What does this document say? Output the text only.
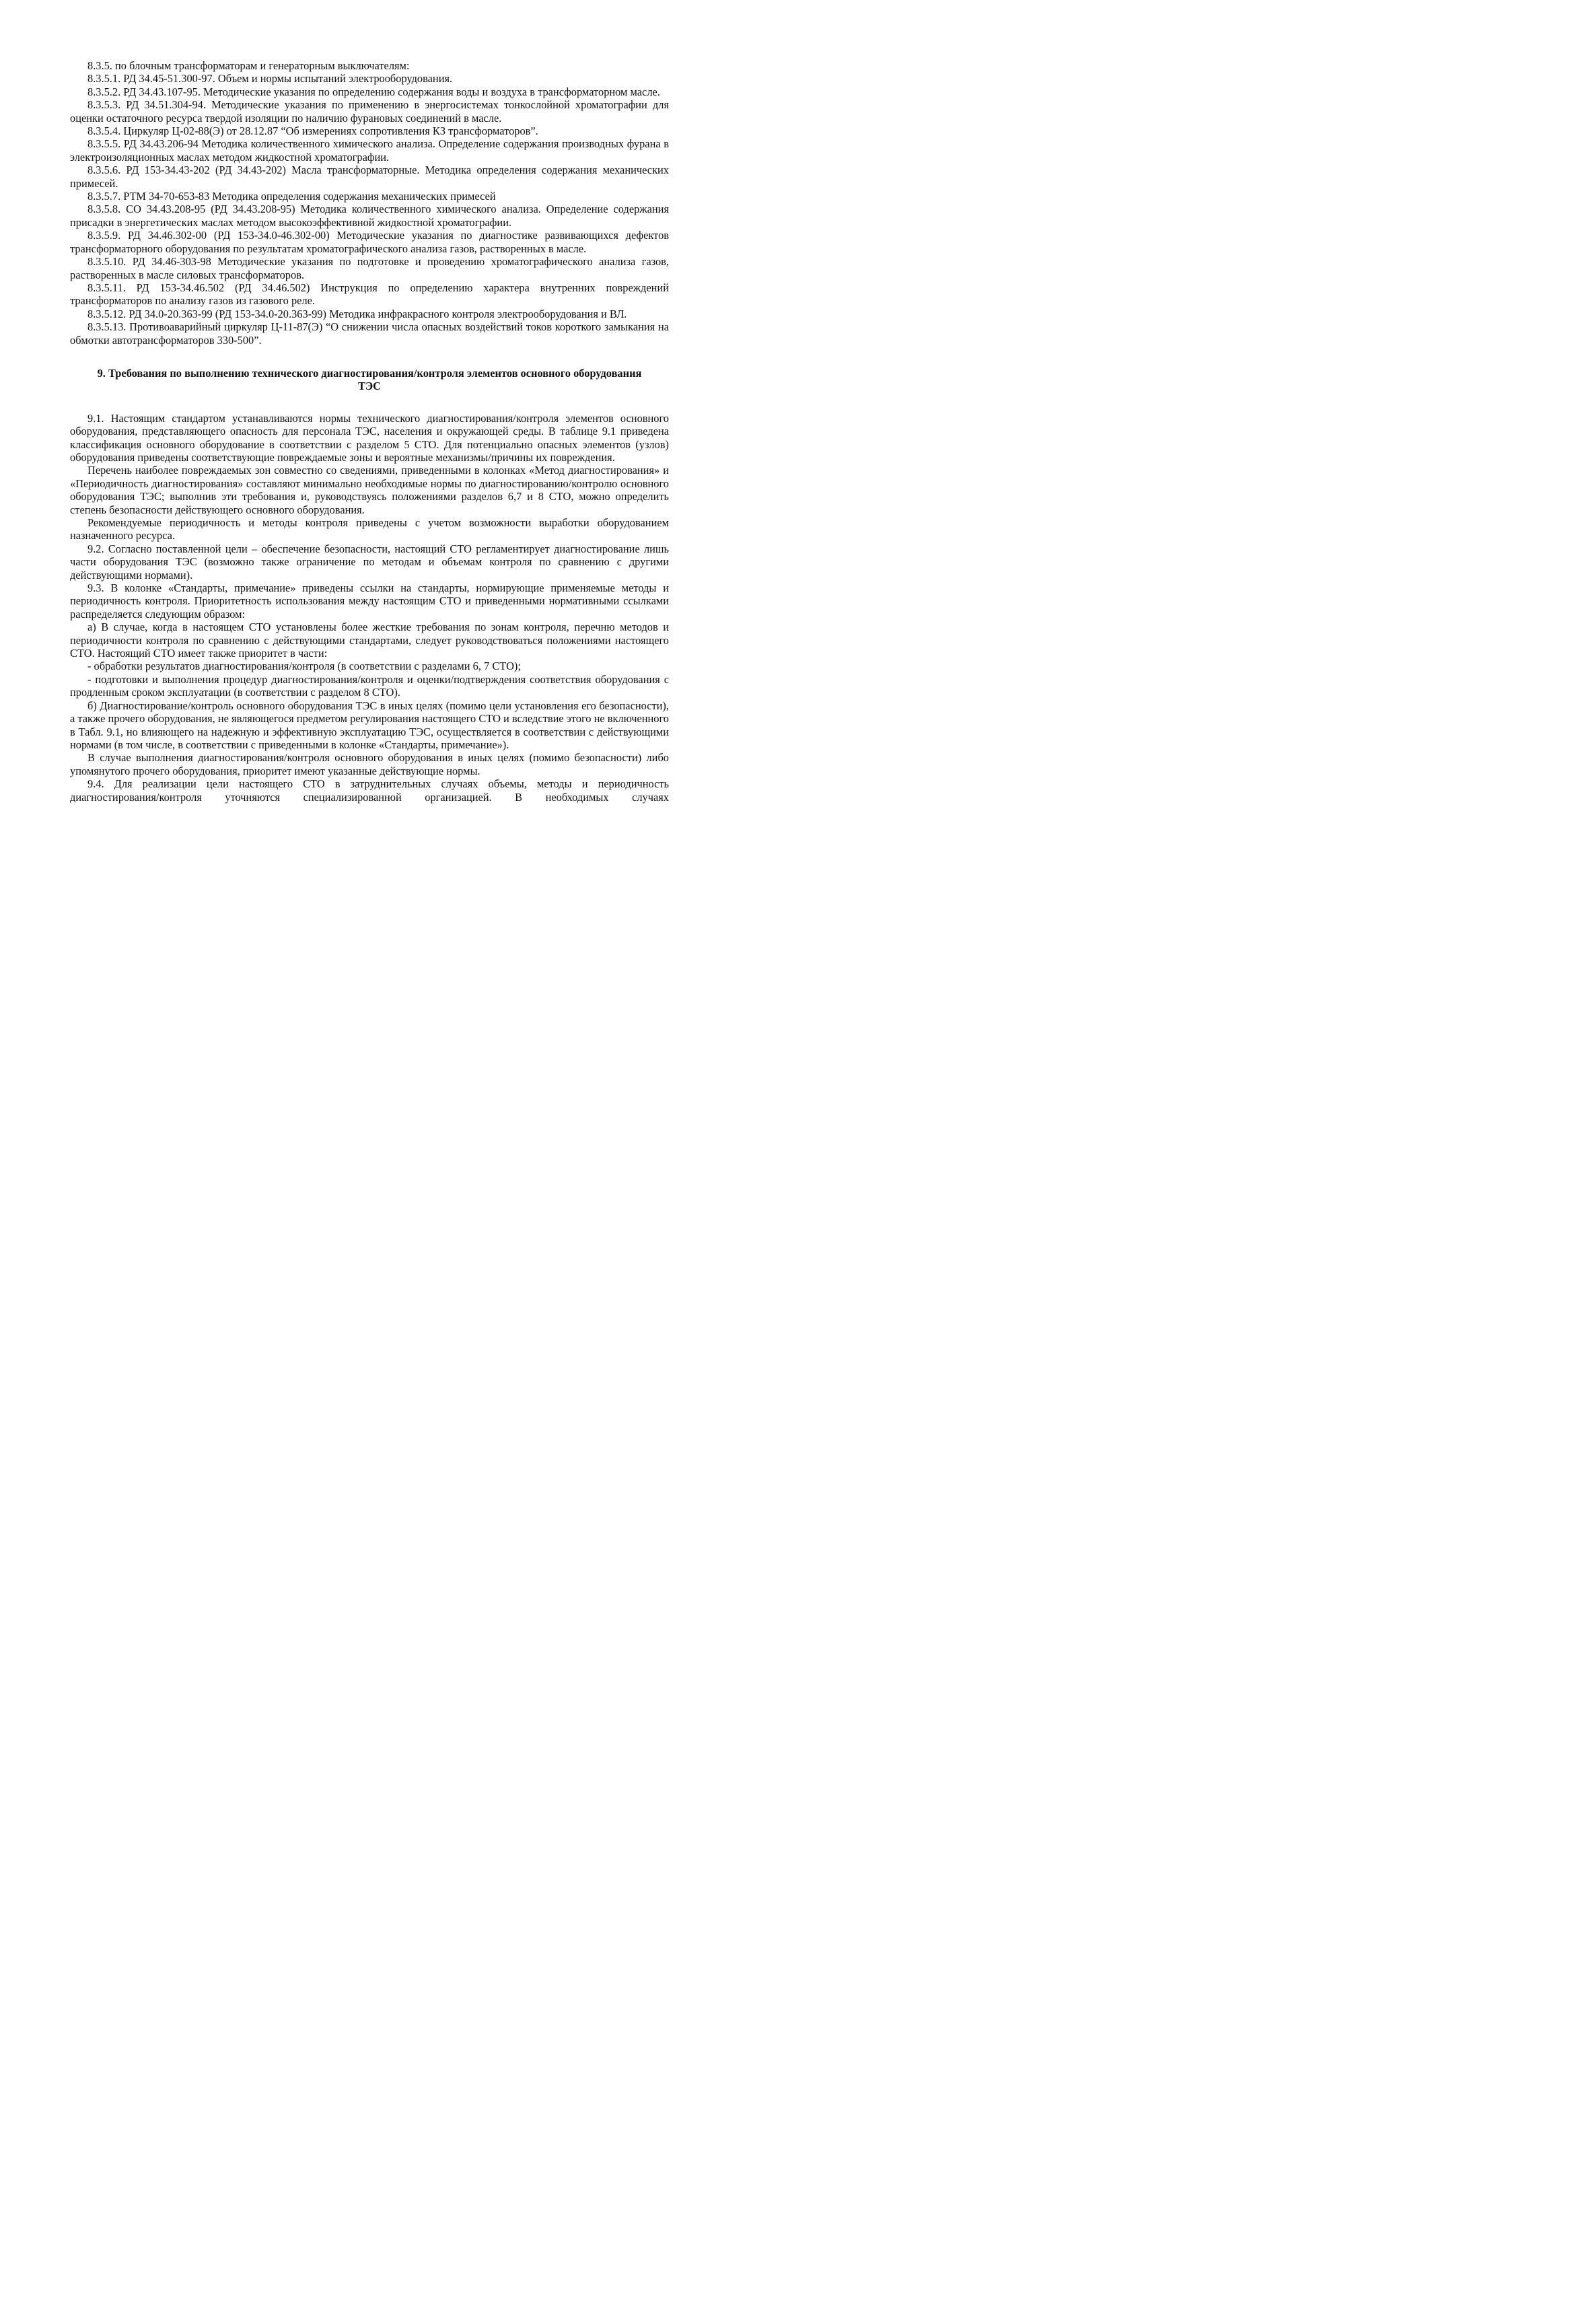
8.3.5. по блочным трансформаторам и генераторным выключателям:

8.3.5.1. РД 34.45-51.300-97. Объем и нормы испытаний электрооборудования.

8.3.5.2. РД 34.43.107-95. Методические указания по определению содержания воды и воздуха в трансформаторном масле.

8.3.5.3. РД 34.51.304-94. Методические указания по применению в энергосистемах тонкослойной хроматографии для оценки остаточного ресурса твердой изоляции по наличию фурановых соединений в масле.

8.3.5.4. Циркуляр Ц-02-88(Э) от 28.12.87 “Об измерениях сопротивления КЗ трансформаторов”.

8.3.5.5. РД 34.43.206-94 Методика количественного химического анализа. Определение содержания производных фурана в электроизоляционных маслах методом жидкостной хроматографии.

8.3.5.6. РД 153-34.43-202 (РД 34.43-202) Масла трансформаторные. Методика определения содержания механических примесей.

8.3.5.7. РТМ 34-70-653-83 Методика определения содержания механических примесей

8.3.5.8. СО 34.43.208-95 (РД 34.43.208-95) Методика количественного химического анализа. Определение содержания присадки в энергетических маслах методом высокоэффективной жидкостной хроматографии.

8.3.5.9. РД 34.46.302-00 (РД 153-34.0-46.302-00) Методические указания по диагностике развивающихся дефектов трансформаторного оборудования по результатам хроматографического анализа газов, растворенных в масле.

8.3.5.10. РД 34.46-303-98 Методические указания по подготовке и проведению хроматографического анализа газов, растворенных в масле силовых трансформаторов.

8.3.5.11. РД 153-34.46.502 (РД 34.46.502) Инструкция по определению характера внутренних повреждений трансформаторов по анализу газов из газового реле.

8.3.5.12. РД 34.0-20.363-99 (РД 153-34.0-20.363-99) Методика инфракрасного контроля электрооборудования и ВЛ.

8.3.5.13. Противоаварийный циркуляр Ц-11-87(Э) “О снижении числа опасных воздействий токов короткого замыкания на обмотки автотрансформаторов 330-500”.

9. Требования по выполнению технического диагностирования/контроля элементов основного оборудования ТЭС

9.1. Настоящим стандартом устанавливаются нормы технического диагностирования/контроля элементов основного оборудования, представляющего опасность для персонала ТЭС, населения и окружающей среды. В таблице 9.1 приведена классификация основного оборудование в соответствии с разделом 5 СТО. Для потенциально опасных элементов (узлов) оборудования приведены соответствующие повреждаемые зоны и вероятные механизмы/причины их повреждения.

Перечень наиболее повреждаемых зон совместно со сведениями, приведенными в колонках «Метод диагностирования» и «Периодичность диагностирования» составляют минимально необходимые нормы по диагностированию/контролю основного оборудования ТЭС; выполнив эти требования и, руководствуясь положениями разделов 6,7 и 8 СТО, можно определить степень безопасности действующего основного оборудования.

Рекомендуемые периодичность и методы контроля приведены с учетом возможности выработки оборудованием назначенного ресурса.

9.2. Согласно поставленной цели – обеспечение безопасности, настоящий СТО регламентирует диагностирование лишь части оборудования ТЭС (возможно также ограничение по методам и объемам контроля по сравнению с другими действующими нормами).

9.3. В колонке «Стандарты, примечание» приведены ссылки на стандарты, нормирующие применяемые методы и периодичность контроля. Приоритетность использования между настоящим СТО и приведенными нормативными ссылками распределяется следующим образом:

а) В случае, когда в настоящем СТО установлены более жесткие требования по зонам контроля, перечню методов и периодичности контроля по сравнению с действующими стандартами, следует руководствоваться положениями настоящего СТО. Настоящий СТО имеет также приоритет в части:

- обработки результатов диагностирования/контроля (в соответствии с разделами 6, 7 СТО);

- подготовки и выполнения процедур диагностирования/контроля и оценки/подтверждения соответствия оборудования с продленным сроком эксплуатации (в соответствии с разделом 8 СТО).

б) Диагностирование/контроль основного оборудования ТЭС в иных целях (помимо цели установления его безопасности), а также прочего оборудования, не являющегося предметом регулирования настоящего СТО и вследствие этого не включенного в Табл. 9.1, но влияющего на надежную и эффективную эксплуатацию ТЭС, осуществляется в соответствии с действующими нормами (в том числе, в соответствии с приведенными в колонке «Стандарты, примечание»).

В случае выполнения диагностирования/контроля основного оборудования в иных целях (помимо безопасности) либо упомянутого прочего оборудования, приоритет имеют указанные действующие нормы.

9.4. Для реализации цели настоящего СТО в затруднительных случаях объемы, методы и периодичность диагностирования/контроля уточняются специализированной организацией. В необходимых случаях
